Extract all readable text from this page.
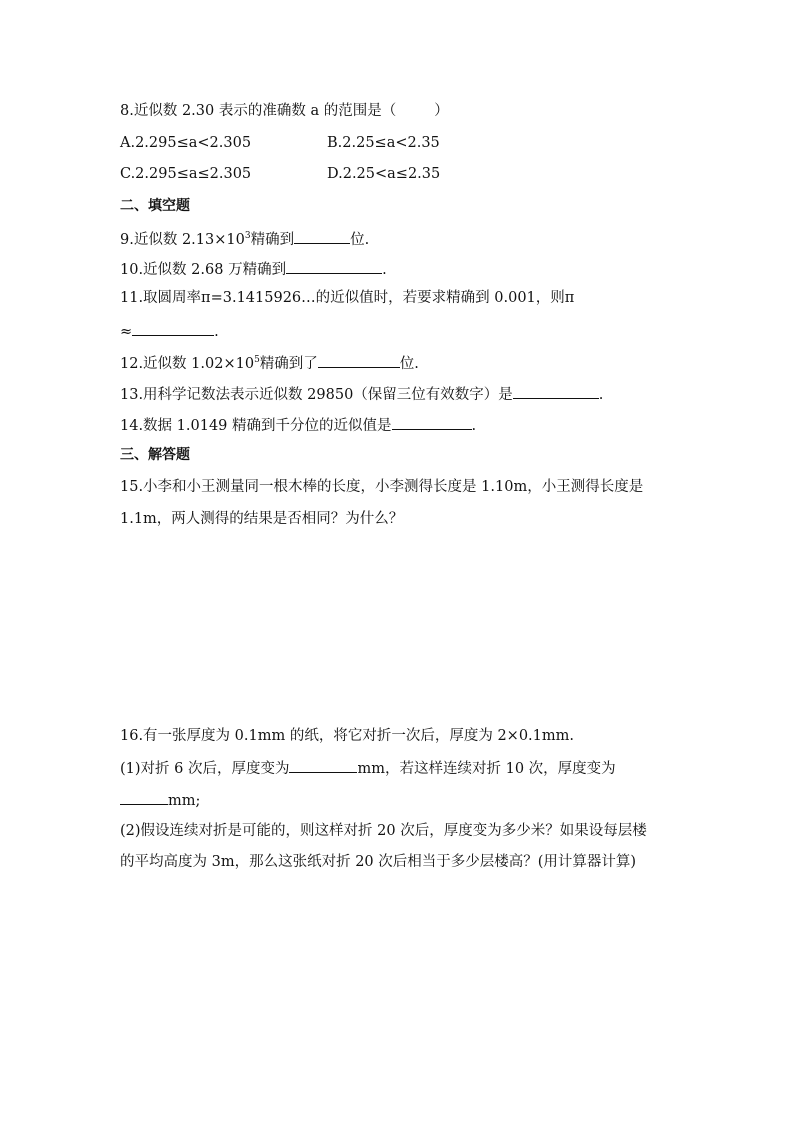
8.近似数 2.30 表示的准确数 a 的范围是（	）
A.2.295≤a<2.305	B.2.25≤a<2.35
C.2.295≤a≤2.305	D.2.25<a≤2.35
二、填空题
9.近似数 $2.13\times 10^3$精确到	位.
10.近似数 2.68 万精确到	.
11.取圆周率π=3.1415926…的近似值时，若要求精确到 0.001，则π
≈	.
12.近似数 $1.02\times 10^5$精确到了	位.
13.用科学记数法表示近似数 29850（保留三位有效数字）是	.
14.数据 1.0149 精确到千分位的近似值是	.
三、解答题
15.小李和小王测量同一根木棒的长度，小李测得长度是 1.10m，小王测得长度是
1.1m，两人测得的结果是否相同？为什么？
16.有一张厚度为 0.1mm 的纸，将它对折一次后，厚度为 2×0.1mm.
(1)对折 6 次后，厚度变为	mm，若这样连续对折 10 次，厚度变为
mm;
(2)假设连续对折是可能的，则这样对折 20 次后，厚度变为多少米？如果设每层楼
的平均高度为 3m，那么这张纸对折 20 次后相当于多少层楼高？(用计算器计算)
